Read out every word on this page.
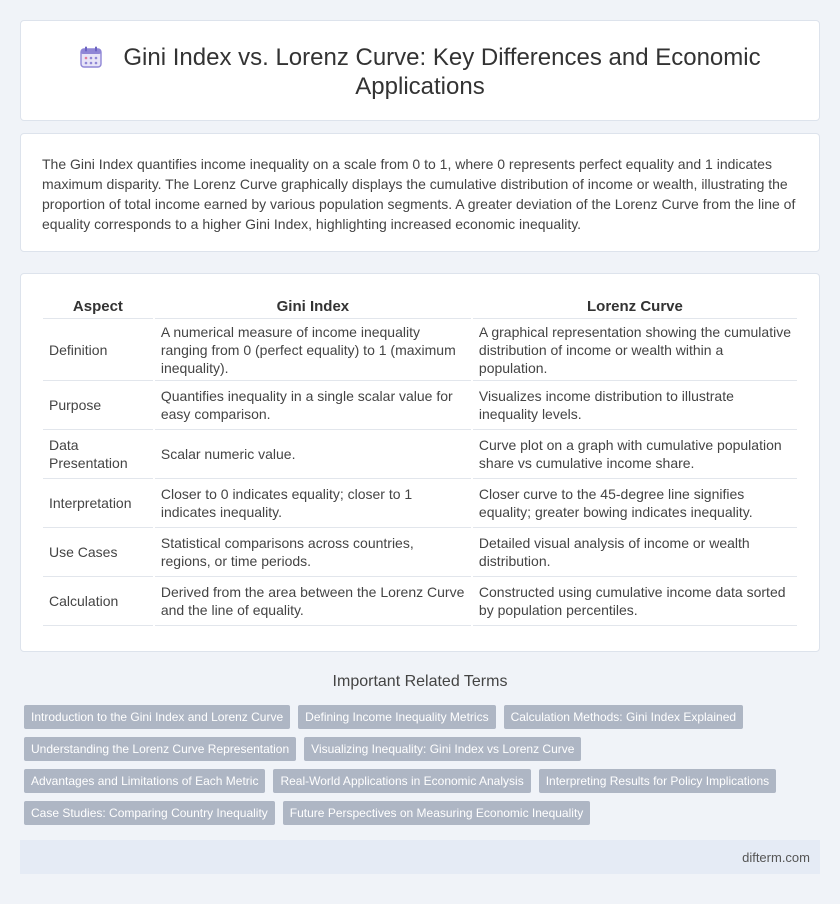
Gini Index vs. Lorenz Curve: Key Differences and Economic Applications

The Gini Index quantifies income inequality on a scale from 0 to 1, where 0 represents perfect equality and 1 indicates maximum disparity. The Lorenz Curve graphically displays the cumulative distribution of income or wealth, illustrating the proportion of total income earned by various population segments. A greater deviation of the Lorenz Curve from the line of equality corresponds to a higher Gini Index, highlighting increased economic inequality.

Aspect	Gini Index	Lorenz Curve
Definition	A numerical measure of income inequality ranging from 0 (perfect equality) to 1 (maximum inequality).	A graphical representation showing the cumulative distribution of income or wealth within a population.
Purpose	Quantifies inequality in a single scalar value for easy comparison.	Visualizes income distribution to illustrate inequality levels.
Data Presentation	Scalar numeric value.	Curve plot on a graph with cumulative population share vs cumulative income share.
Interpretation	Closer to 0 indicates equality; closer to 1 indicates inequality.	Closer curve to the 45-degree line signifies equality; greater bowing indicates inequality.
Use Cases	Statistical comparisons across countries, regions, or time periods.	Detailed visual analysis of income or wealth distribution.
Calculation	Derived from the area between the Lorenz Curve and the line of equality.	Constructed using cumulative income data sorted by population percentiles.
Important Related Terms
Introduction to the Gini Index and Lorenz Curve	Defining Income Inequality Metrics	Calculation Methods: Gini Index Explained
Understanding the Lorenz Curve Representation	Visualizing Inequality: Gini Index vs Lorenz Curve
Advantages and Limitations of Each Metric	Real-World Applications in Economic Analysis	Interpreting Results for Policy Implications
Case Studies: Comparing Country Inequality	Future Perspectives on Measuring Economic Inequality
difterm.com
